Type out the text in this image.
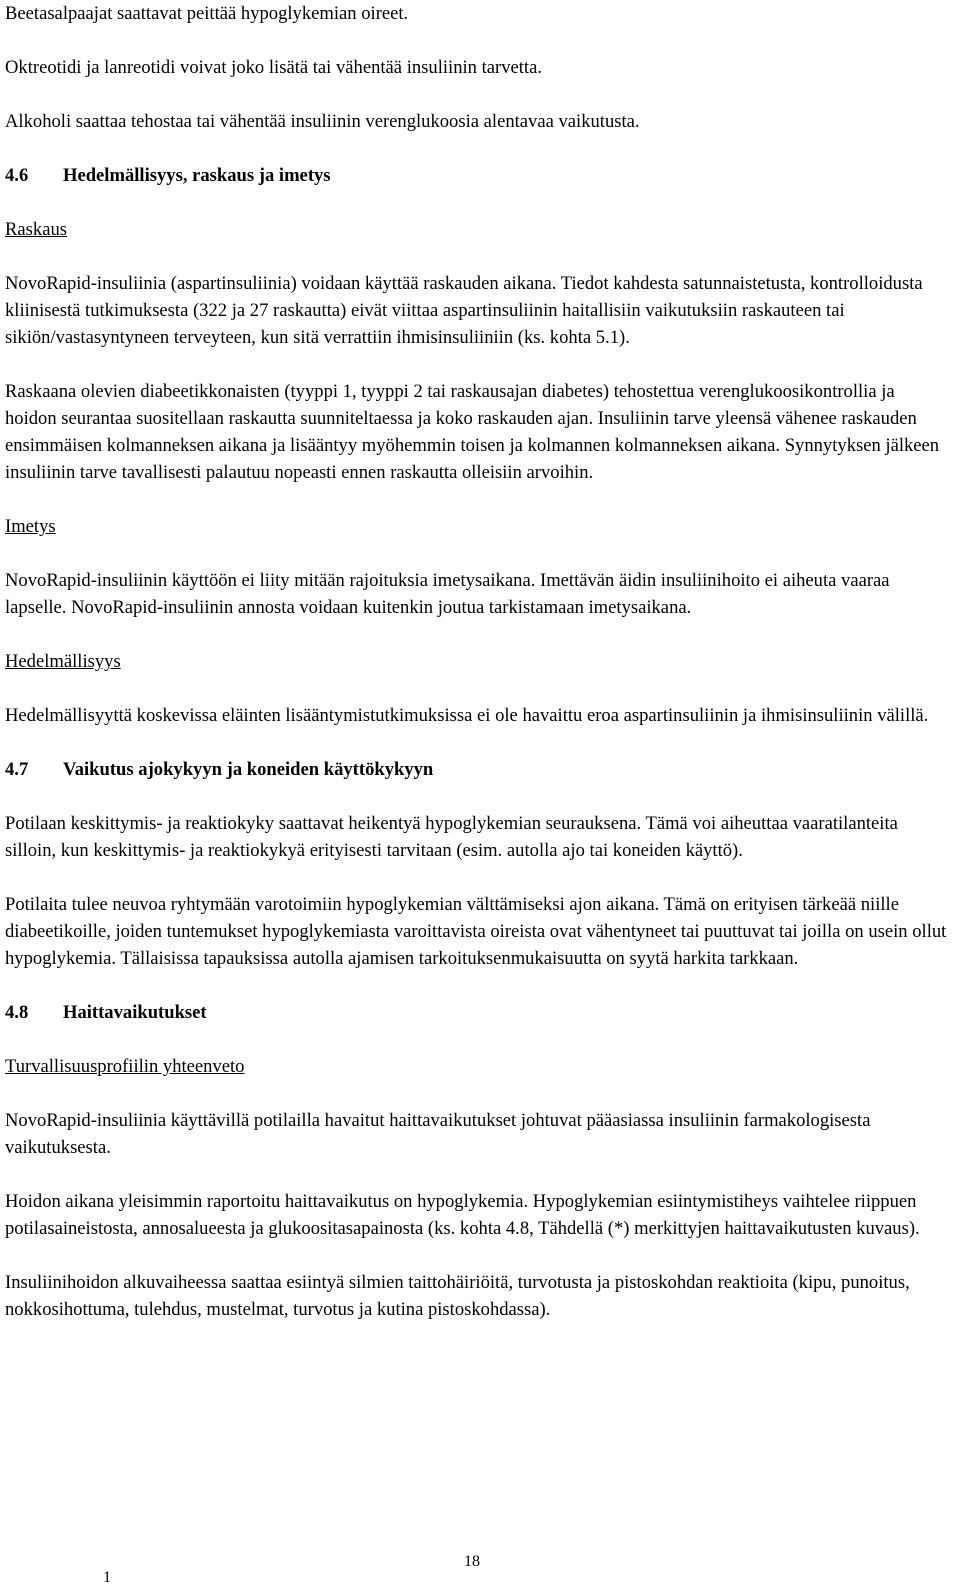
Beetasalpaajat saattavat peittää hypoglykemian oireet.

Oktreotidi ja lanreotidi voivat joko lisätä tai vähentää insuliinin tarvetta.

Alkoholi saattaa tehostaa tai vähentää insuliinin verenglukoosia alentavaa vaikutusta.

4.6 Hedelmällisyys, raskaus ja imetys

Raskaus

NovoRapid-insuliinia (aspartinsuliinia) voidaan käyttää raskauden aikana. Tiedot kahdesta satunnaistetusta, kontrolloidusta kliinisestä tutkimuksesta (322 ja 27 raskautta) eivät viittaa aspartinsuliinin haitallisiin vaikutuksiin raskauteen tai sikiön/vastasyntyneen terveyteen, kun sitä verrattiin ihmisinsuliiniin (ks. kohta 5.1).

Raskaana olevien diabeetikkonaisten (tyyppi 1, tyyppi 2 tai raskausajan diabetes) tehostettua verenglukoosikontrollia ja hoidon seurantaa suositellaan raskautta suunniteltaessa ja koko raskauden ajan. Insuliinin tarve yleensä vähenee raskauden ensimmäisen kolmanneksen aikana ja lisääntyy myöhemmin toisen ja kolmannen kolmanneksen aikana. Synnytyksen jälkeen insuliinin tarve tavallisesti palautuu nopeasti ennen raskautta olleisiin arvoihin.

Imetys

NovoRapid-insuliinin käyttöön ei liity mitään rajoituksia imetysaikana. Imettävän äidin insuliinihoito ei aiheuta vaaraa lapselle. NovoRapid-insuliinin annosta voidaan kuitenkin joutua tarkistamaan imetysaikana.

Hedelmällisyys

Hedelmällisyyttä koskevissa eläinten lisääntymistutkimuksissa ei ole havaittu eroa aspartinsuliinin ja ihmisinsuliinin välillä.

4.7 Vaikutus ajokykyyn ja koneiden käyttökykyyn

Potilaan keskittymis- ja reaktiokyky saattavat heikentyä hypoglykemian seurauksena. Tämä voi aiheuttaa vaaratilanteita silloin, kun keskittymis- ja reaktiokykyä erityisesti tarvitaan (esim. autolla ajo tai koneiden käyttö).

Potilaita tulee neuvoa ryhtymään varotoimiin hypoglykemian välttämiseksi ajon aikana. Tämä on erityisen tärkeää niille diabeetikoille, joiden tuntemukset hypoglykemiasta varoittavista oireista ovat vähentyneet tai puuttuvat tai joilla on usein ollut hypoglykemia. Tällaisissa tapauksissa autolla ajamisen tarkoituksenmukaisuutta on syytä harkita tarkkaan.

4.8 Haittavaikutukset

Turvallisuusprofiilin yhteenveto

NovoRapid-insuliinia käyttävillä potilailla havaitut haittavaikutukset johtuvat pääasiassa insuliinin farmakologisesta vaikutuksesta.

Hoidon aikana yleisimmin raportoitu haittavaikutus on hypoglykemia. Hypoglykemian esiintymistiheys vaihtelee riippuen potilasaineistosta, annosalueesta ja glukoositasapainosta (ks. kohta 4.8, Tähdellä (*) merkittyjen haittavaikutusten kuvaus).

Insuliinihoidon alkuvaiheessa saattaa esiintyä silmien taittohäiriöitä, turvotusta ja pistoskohdan reaktioita (kipu, punoitus, nokkosihottuma, tulehdus, mustelmat, turvotus ja kutina pistoskohdassa).

18
1
